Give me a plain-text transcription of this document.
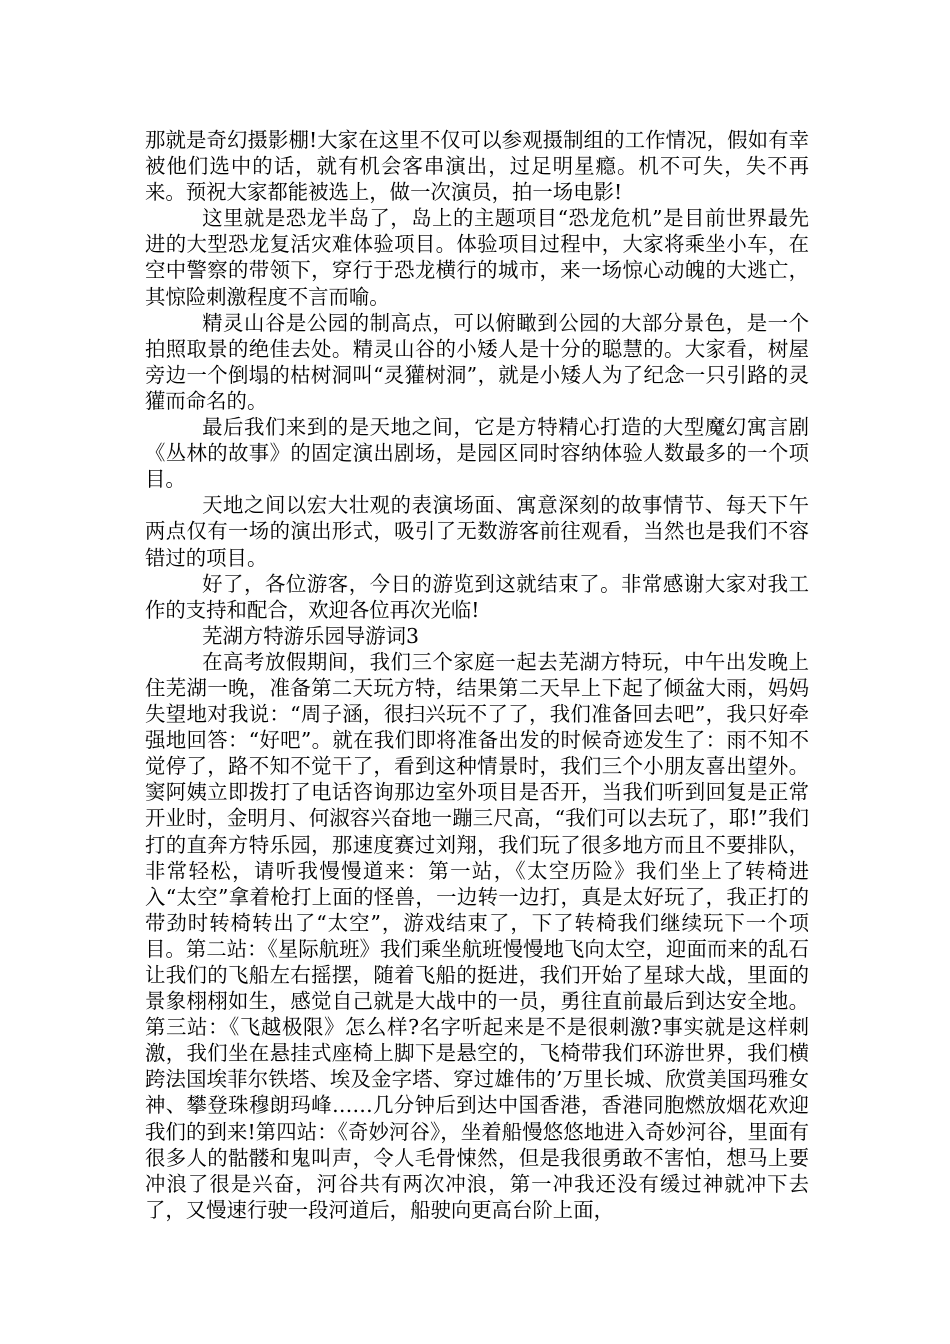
那就是奇幻摄影棚!大家在这里不仅可以参观摄制组的工作情况，假如有幸被他们选中的话，就有机会客串演出，过足明星瘾。机不可失，失不再来。预祝大家都能被选上，做一次演员，拍一场电影!

这里就是恐龙半岛了，岛上的主题项目“恐龙危机”是目前世界最先进的大型恐龙复活灾难体验项目。体验项目过程中，大家将乘坐小车，在空中警察的带领下，穿行于恐龙横行的城市，来一场惊心动魄的大逃亡，其惊险刺激程度不言而喻。

精灵山谷是公园的制高点，可以俯瞰到公园的大部分景色，是一个拍照取景的绝佳去处。精灵山谷的小矮人是十分的聪慧的。大家看，树屋旁边一个倒塌的枯树洞叫“灵獾树洞”，就是小矮人为了纪念一只引路的灵獾而命名的。

最后我们来到的是天地之间，它是方特精心打造的大型魔幻寓言剧《丛林的故事》的固定演出剧场，是园区同时容纳体验人数最多的一个项目。

天地之间以宏大壮观的表演场面、寓意深刻的故事情节、每天下午两点仅有一场的演出形式，吸引了无数游客前往观看，当然也是我们不容错过的项目。

好了，各位游客，今日的游览到这就结束了。非常感谢大家对我工作的支持和配合，欢迎各位再次光临!

芜湖方特游乐园导游词3

在高考放假期间，我们三个家庭一起去芜湖方特玩，中午出发晚上住芜湖一晚，准备第二天玩方特，结果第二天早上下起了倾盆大雨，妈妈失望地对我说：“周子涵，很扫兴玩不了了，我们准备回去吧”，我只好牵强地回答：“好吧”。就在我们即将准备出发的时候奇迹发生了：雨不知不觉停了，路不知不觉干了，看到这种情景时，我们三个小朋友喜出望外。窦阿姨立即拨打了电话咨询那边室外项目是否开，当我们听到回复是正常开业时，金明月、何淑容兴奋地一蹦三尺高，“我们可以去玩了，耶!”我们打的直奔方特乐园，那速度赛过刘翔，我们玩了很多地方而且不要排队，非常轻松，请听我慢慢道来：第一站，《太空历险》我们坐上了转椅进入“太空”拿着枪打上面的怪兽，一边转一边打，真是太好玩了，我正打的带劲时转椅转出了“太空”，游戏结束了，下了转椅我们继续玩下一个项目。第二站：《星际航班》我们乘坐航班慢慢地飞向太空，迎面而来的乱石让我们的飞船左右摇摆，随着飞船的挺进，我们开始了星球大战，里面的景象栩栩如生，感觉自己就是大战中的一员，勇往直前最后到达安全地。第三站：《飞越极限》怎么样?名字听起来是不是很刺激?事实就是这样刺激，我们坐在悬挂式座椅上脚下是悬空的，飞椅带我们环游世界，我们横跨法国埃菲尔铁塔、埃及金字塔、穿过雄伟的’万里长城、欣赏美国玛雅女神、攀登珠穆朗玛峰……几分钟后到达中国香港，香港同胞燃放烟花欢迎我们的到来!第四站：《奇妙河谷》，坐着船慢悠悠地进入奇妙河谷，里面有很多人的骷髅和鬼叫声，令人毛骨悚然，但是我很勇敢不害怕，想马上要冲浪了很是兴奋，河谷共有两次冲浪，第一冲我还没有缓过神就冲下去了，又慢速行驶一段河道后，船驶向更高台阶上面，
